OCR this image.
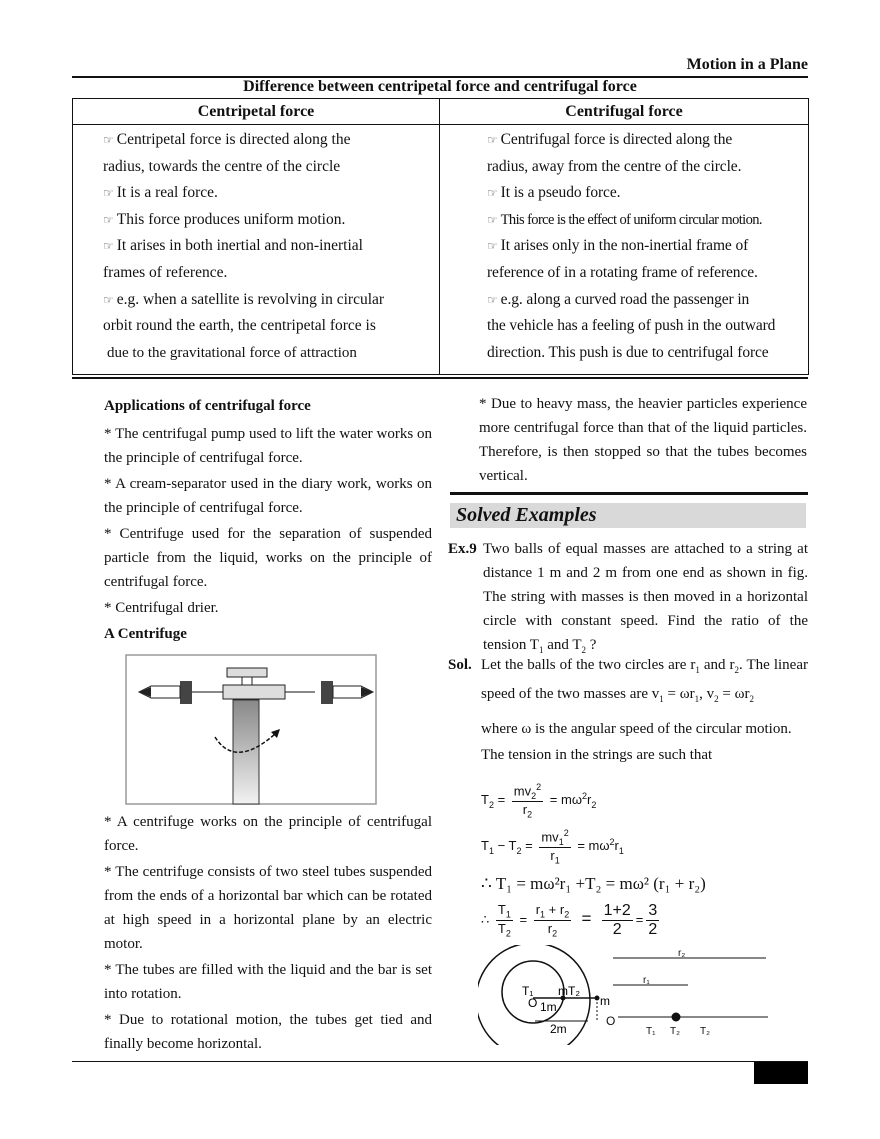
Motion in a Plane
Difference between centripetal force and centrifugal force
Centripetal force	Centrifugal force
☞ Centripetal force is directed along the
radius, towards the centre of the circle
☞ It is a real force.
☞ This force produces uniform motion.
☞ It arises in both inertial and non-inertial
frames of reference.
☞ e.g. when a satellite is revolving in circular
orbit round the earth, the centripetal force is
due to the gravitational force of attraction
☞ Centrifugal force is directed along the
radius, away from the centre of the circle.
☞ It is a pseudo force.
☞ This force is the effect of uniform circular motion.
☞ It arises only in the non-inertial frame of
reference of in a rotating frame of reference.
☞ e.g. along a curved road the passenger in
the vehicle has a feeling of push in the outward
direction. This push is due to centrifugal force

Applications of centrifugal force

* The centrifugal pump used to lift the water works on the principle of centrifugal force.

* A cream-separator used in the diary work, works on the principle of centrifugal force.

* Centrifuge used for the separation of suspended particle from the liquid, works on the principle of centrifugal force.

* Centrifugal drier.

A Centrifuge

* A centrifuge works on the principle of centrifugal force.

* The centrifuge consists of two steel tubes suspended from the ends of a horizontal bar which can be rotated at high speed in a horizontal plane by an electric motor.

* The tubes are filled with the liquid and the bar is set into rotation.

* Due to rotational motion, the tubes get tied and finally become horizontal.

* Due to heavy mass, the heavier particles experience more centrifugal force than that of the liquid particles. Therefore, is then stopped so that the tubes becomes vertical.
Solved Examples
Ex.9 Two balls of equal masses are attached to a string at distance 1 m and 2 m from one end as shown in fig. The string with masses is then moved in a horizontal circle with constant speed. Find the ratio of the tension $T_1$ and $T_2$ ?
Sol. Let the balls of the two circles are $r_1$ and $r_2$. The linear speed of the two masses are $v_1 = \omega r_1$, $v_2 = \omega r_2$

where ω is the angular speed of the circular motion.

The tension in the strings are such that

$T_2 = \frac{mv_2^2}{r_2} = m\omega^2r_2$
$T_1 - T_2 = \frac{mv_1^2}{r_1} = m\omega^2r_1$
∴ T₁ = mω²r₁ +T₂ = mω² (r₁ + r₂)
∴ $\frac{T_1}{T_2} = \frac{r_1 + r_2}{r_2} = \frac{1+2}{2} = \frac{3}{2}$
T₁	T₂
m
m
O 1m
2m
r₂
r₁
O
T₁ T₂ T₂
